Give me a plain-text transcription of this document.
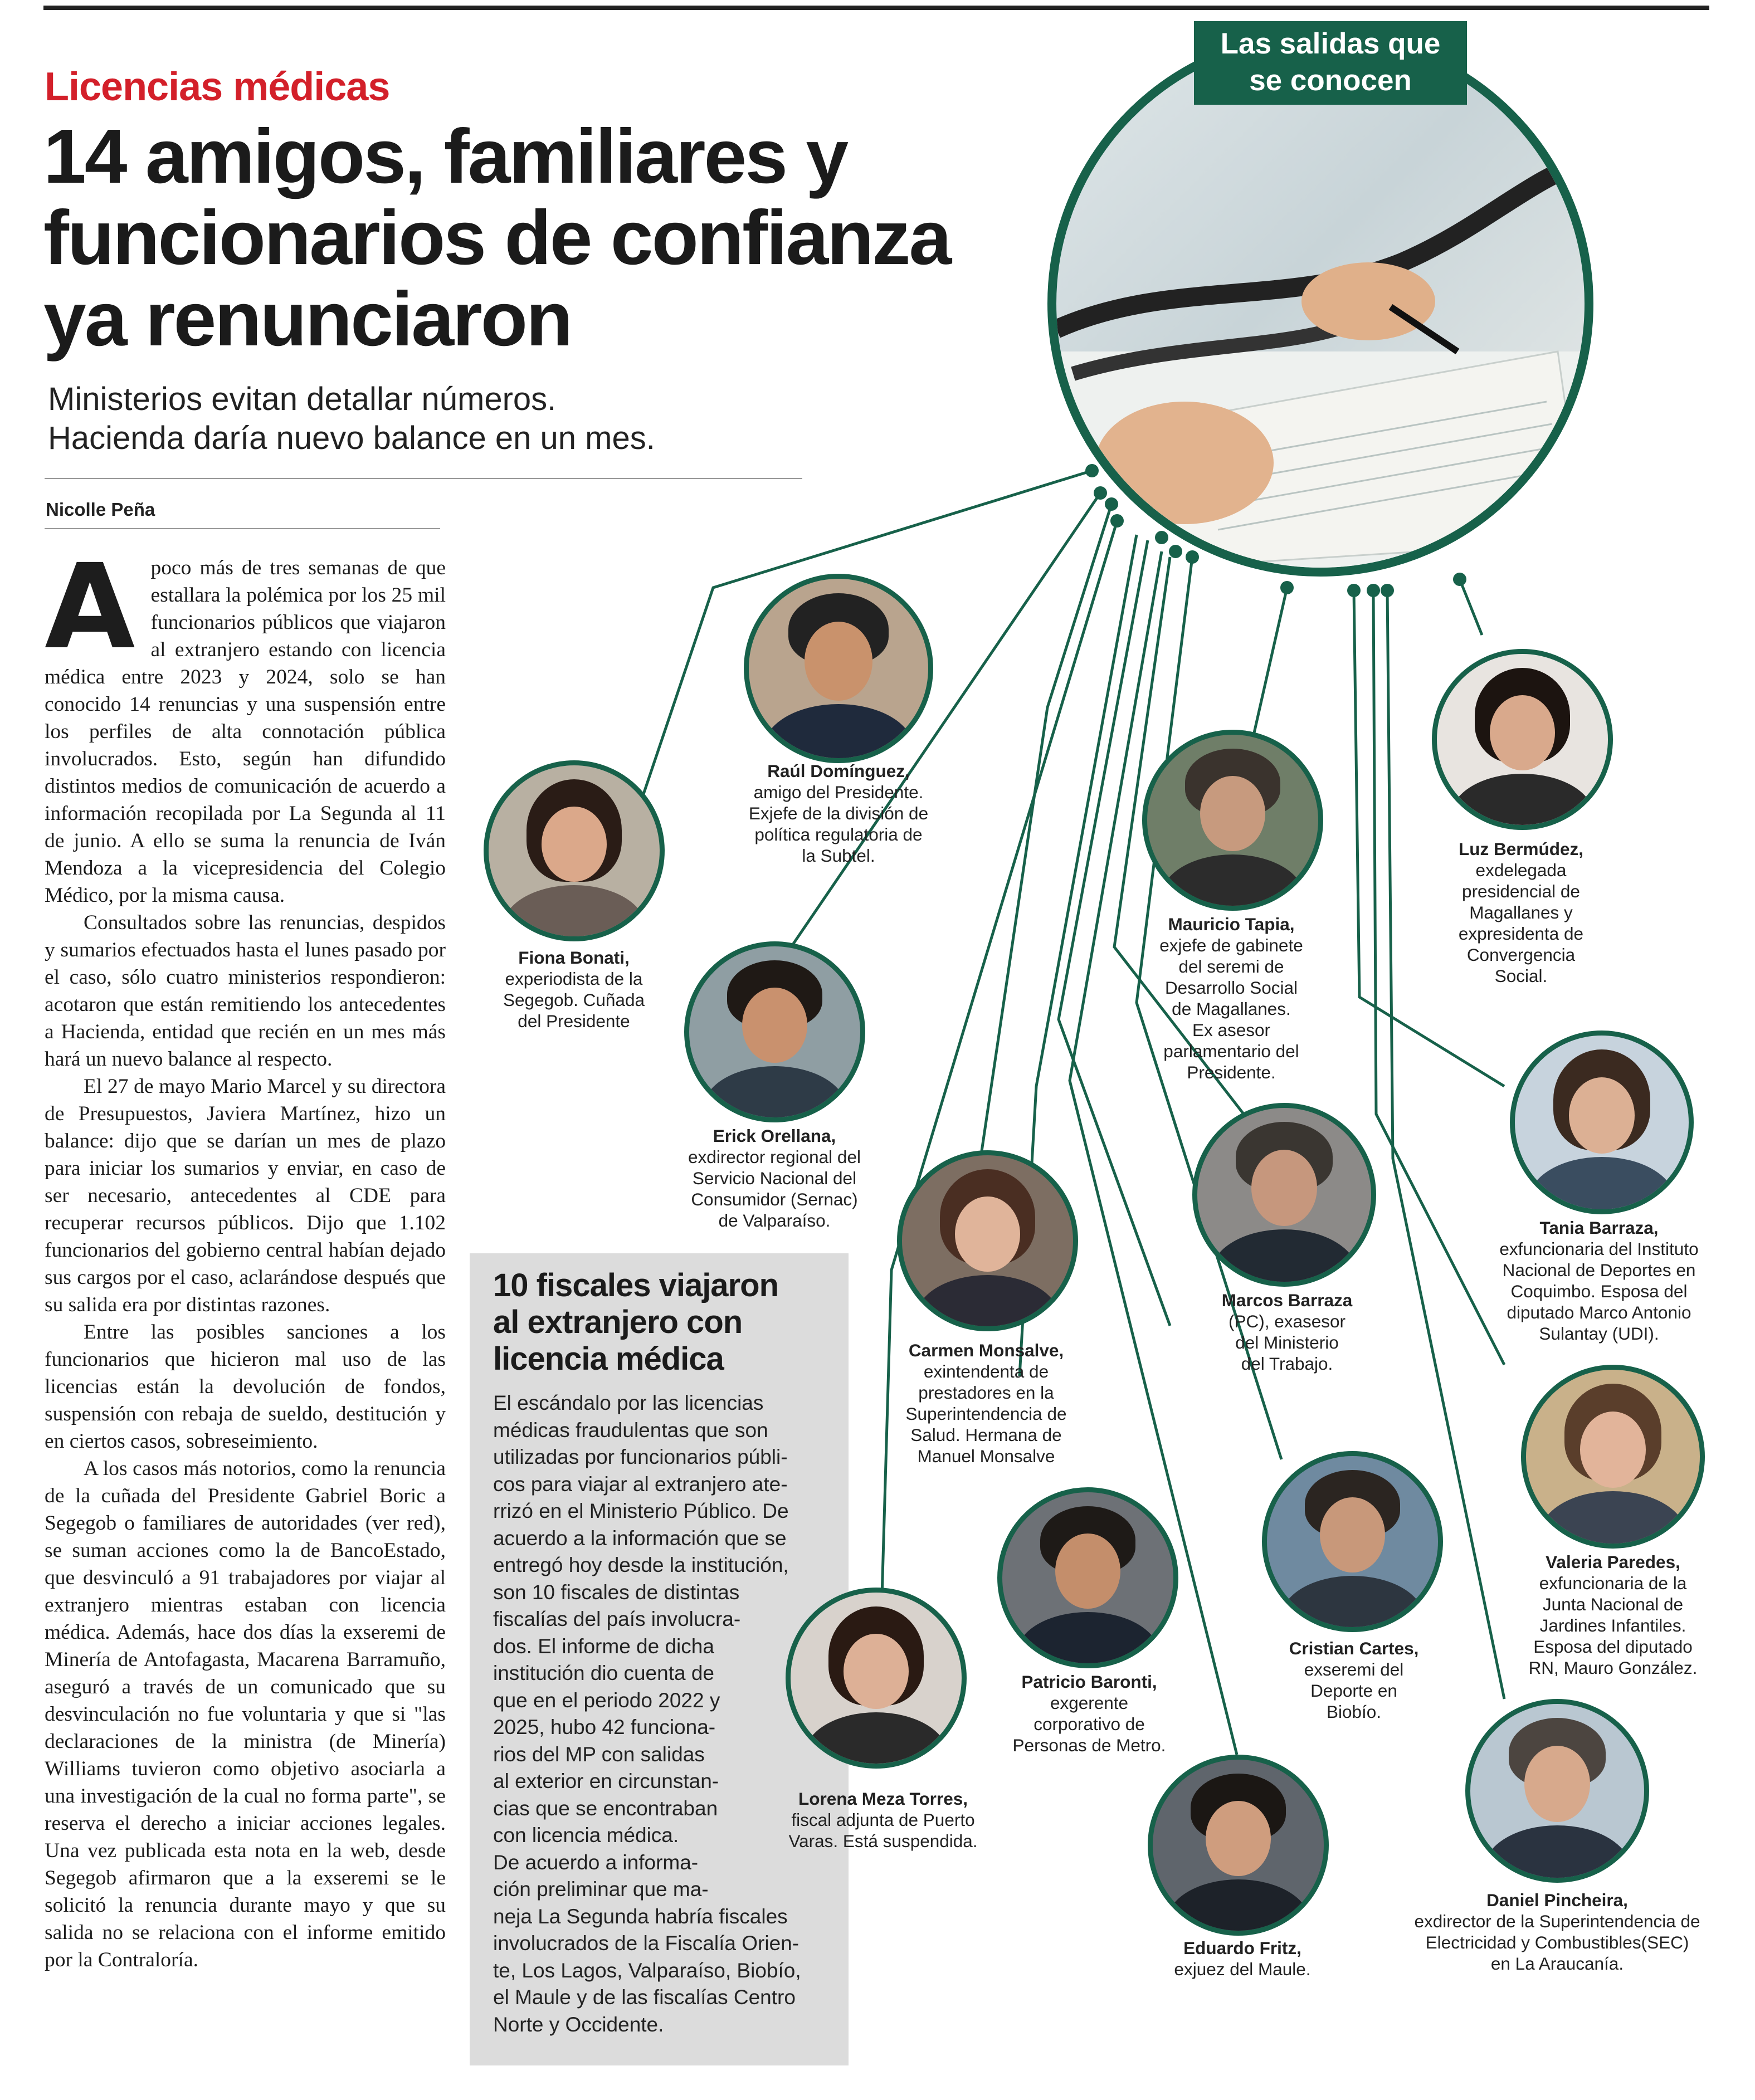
Licencias médicas
14 amigos, familiares y
funcionarios de confianza
ya renunciaron
Ministerios evitan detallar números.
Hacienda daría nuevo balance en un mes.
Nicolle Peña

Apoco más de tres semanas de que estallara la polémica por los 25 mil funcionarios públicos que viajaron al extranjero estando con licencia médica entre 2023 y 2024, solo se han conocido 14 renuncias y una suspensión entre los perfiles de alta connotación pública involucrados. Esto, según han difundido distintos medios de comunicación de acuerdo a información recopilada por La Segunda al 11 de junio. A ello se suma la renuncia de Iván Mendoza a la vicepresidencia del Colegio Médico, por la misma causa.

Consultados sobre las renuncias, despidos y sumarios efectuados hasta el lunes pasado por el caso, sólo cuatro ministerios respondieron: acotaron que están remitiendo los antecedentes a Hacienda, entidad que recién en un mes más hará un nuevo balance al respecto.

El 27 de mayo Mario Marcel y su directora de Presupuestos, Javiera Martínez, hizo un balance: dijo que se darían un mes de plazo para iniciar los sumarios y enviar, en caso de ser necesario, antecedentes al CDE para recuperar recursos públicos. Dijo que 1.102 funcionarios del gobierno central habían dejado sus cargos por el caso, aclarándose después que su salida era por distintas razones.

Entre las posibles sanciones a los funcionarios que hicieron mal uso de las licencias están la devolución de fondos, suspensión con rebaja de sueldo, destitución y en ciertos casos, sobreseimiento.

A los casos más notorios, como la renuncia de la cuñada del Presidente Gabriel Boric a Segegob o familiares de autoridades (ver red), se suman acciones como la de BancoEstado, que desvinculó a 91 trabajadores por viajar al extranjero mientras estaban con licencia médica. Además, hace dos días la exseremi de Minería de Antofagasta, Macarena Barramuño, aseguró a través de un comunicado que su desvinculación no fue voluntaria y que si "las declaraciones de la ministra (de Minería) Williams tuvieron como objetivo asociarla a una investigación de la cual no forma parte", se reserva el derecho a iniciar acciones legales. Una vez publicada esta nota en la web, desde Segegob afirmaron que a la exseremi se le solicitó la renuncia durante mayo y que su salida no se relaciona con el informe emitido por la Contraloría.

Las salidas que
se conocen
10 fiscales viajaron
al extranjero con
licencia médica
El escándalo por las licencias
médicas fraudulentas que son
utilizadas por funcionarios públi-
cos para viajar al extranjero ate-
rrizó en el Ministerio Público. De
acuerdo a la información que se
entregó hoy desde la institución,
son 10 fiscales de distintas
fiscalías del país involucra-
dos. El informe de dicha
institución dio cuenta de
que en el periodo 2022 y
2025, hubo 42 funciona-
rios del MP con salidas
al exterior en circunstan-
cias que se encontraban
con licencia médica.
De acuerdo a informa-
ción preliminar que ma-
neja La Segunda habría fiscales
involucrados de la Fiscalía Orien-
te, Los Lagos, Valparaíso, Biobío,
el Maule y de las fiscalías Centro
Norte y Occidente.
Raúl Domínguez,
amigo del Presidente.
Exjefe de la división de
política regulatoria de
la Subtel.
Fiona Bonati,
experiodista de la
Segegob. Cuñada
del Presidente
Erick Orellana,
exdirector regional del
Servicio Nacional del
Consumidor (Sernac)
de Valparaíso.
Mauricio Tapia,
exjefe de gabinete
del seremi de
Desarrollo Social
de Magallanes.
Ex asesor
parlamentario del
Presidente.
Luz Bermúdez,
exdelegada
presidencial de
Magallanes y
expresidenta de
Convergencia
Social.
Carmen Monsalve,
exintendenta de
prestadores en la
Superintendencia de
Salud. Hermana de
Manuel Monsalve
Marcos Barraza
(PC), exasesor
del Ministerio
del Trabajo.
Tania Barraza,
exfuncionaria del Instituto
Nacional de Deportes en
Coquimbo. Esposa del
diputado Marco Antonio
Sulantay (UDI).
Patricio Baronti,
exgerente
corporativo de
Personas de Metro.
Cristian Cartes,
exseremi del
Deporte en
Biobío.
Valeria Paredes,
exfuncionaria de la
Junta Nacional de
Jardines Infantiles.
Esposa del diputado
RN, Mauro González.
Lorena Meza Torres,
fiscal adjunta de Puerto
Varas. Está suspendida.
Eduardo Fritz,
exjuez del Maule.
Daniel Pincheira,
exdirector de la Superintendencia de
Electricidad y Combustibles(SEC)
en La Araucanía.
